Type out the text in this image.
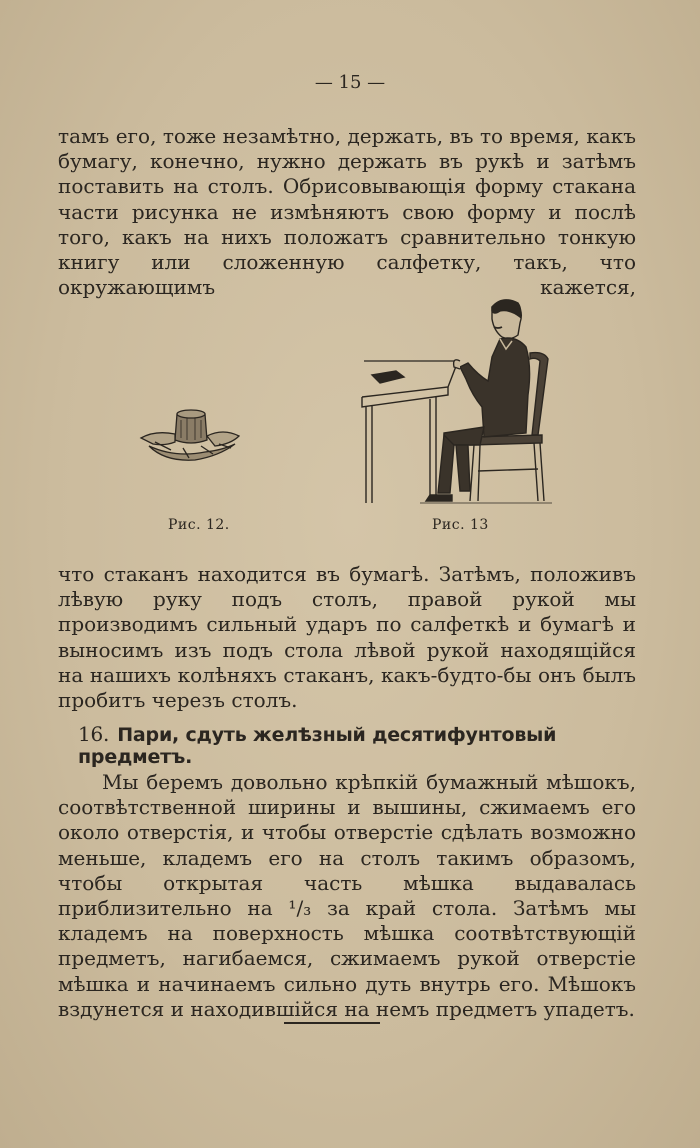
— 15 —
тамъ его, тоже незамѣтно, держать, въ то время, какъ бумагу, конечно, нужно держать въ рукѣ и затѣмъ поставить на столъ. Обрисовывающія форму стакана части рисунка не измѣняютъ свою форму и послѣ того, какъ на нихъ положатъ сравнительно тонкую книгу или сложенную салфетку, такъ, что окружающимъ кажется,
Рис. 12.	Рис. 13
что стаканъ находится въ бумагѣ. Затѣмъ, положивъ лѣвую руку подъ столъ, правой рукой мы производимъ сильный ударъ по салфеткѣ и бумагѣ и выносимъ изъ подъ стола лѣвой рукой находящійся на нашихъ колѣняхъ стаканъ, какъ-будто-бы онъ былъ пробитъ черезъ столъ.
16. Пари, сдуть желѣзный десятифунтовый предметъ.
Мы беремъ довольно крѣпкій бумажный мѣшокъ, соотвѣтственной ширины и вышины, сжимаемъ его около отверстія, и чтобы отверстіе сдѣлать возможно меньше, кладемъ его на столъ такимъ образомъ, чтобы открытая часть мѣшка выдавалась приблизительно на ¹/₃ за край стола. Затѣмъ мы кладемъ на поверхность мѣшка соотвѣтствующій предметъ, нагибаемся, сжимаемъ рукой отверстіе мѣшка и начинаемъ сильно дуть внутрь его. Мѣшокъ вздунется и находившійся на немъ предметъ упадетъ.
